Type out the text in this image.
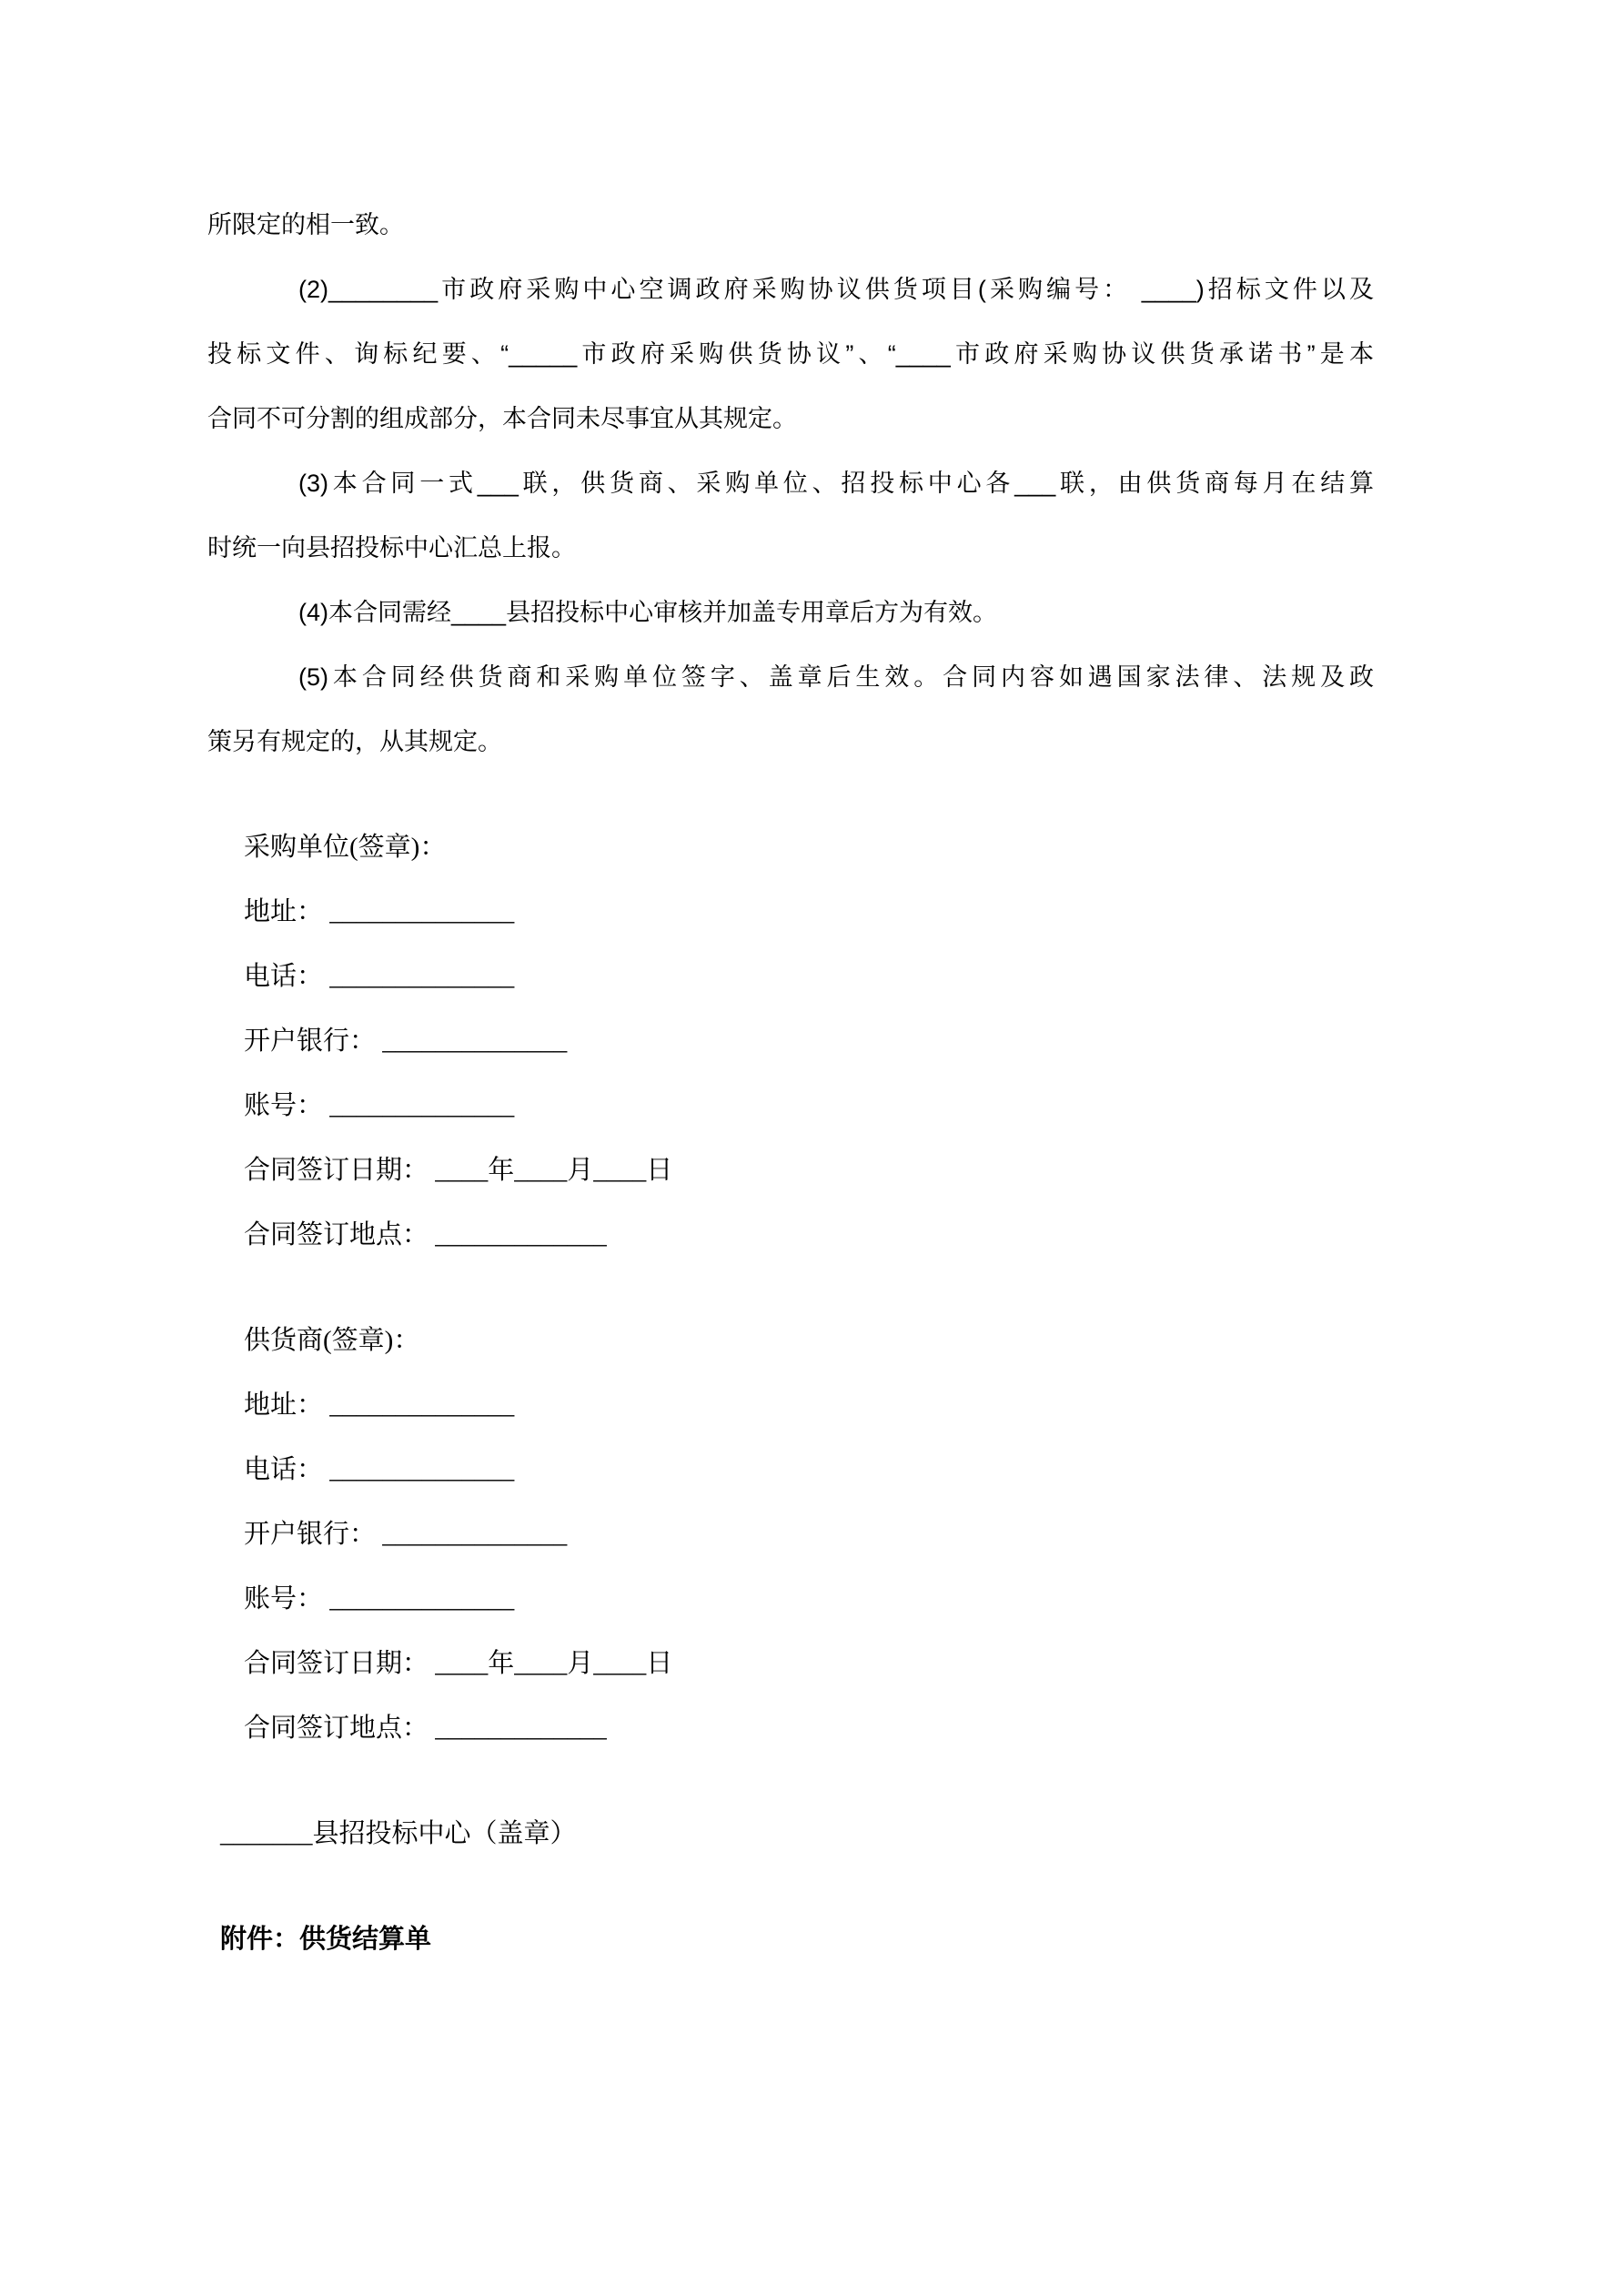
所限定的相一致。
(2)________市政府采购中心空调政府采购协议供货项目(采购编号： ____)招标文件以及
投标文件、询标纪要、“_____市政府采购供货协议”、“____市政府采购协议供货承诺书”是本
合同不可分割的组成部分，本合同未尽事宜从其规定。
(3)本合同一式___联，供货商、采购单位、招投标中心各___联，由供货商每月在结算
时统一向县招投标中心汇总上报。
(4)本合同需经____县招投标中心审核并加盖专用章后方为有效。
(5)本合同经供货商和采购单位签字、盖章后生效。合同内容如遇国家法律、法规及政
策另有规定的，从其规定。
采购单位(签章)：
地址： ______________
电话： ______________
开户银行： ______________
账号： ______________
合同签订日期： ____年____月____日
合同签订地点： _____________
供货商(签章)：
地址： ______________
电话： ______________
开户银行： ______________
账号： ______________
合同签订日期： ____年____月____日
合同签订地点： _____________
_______县招投标中心（盖章）
附件：供货结算单
